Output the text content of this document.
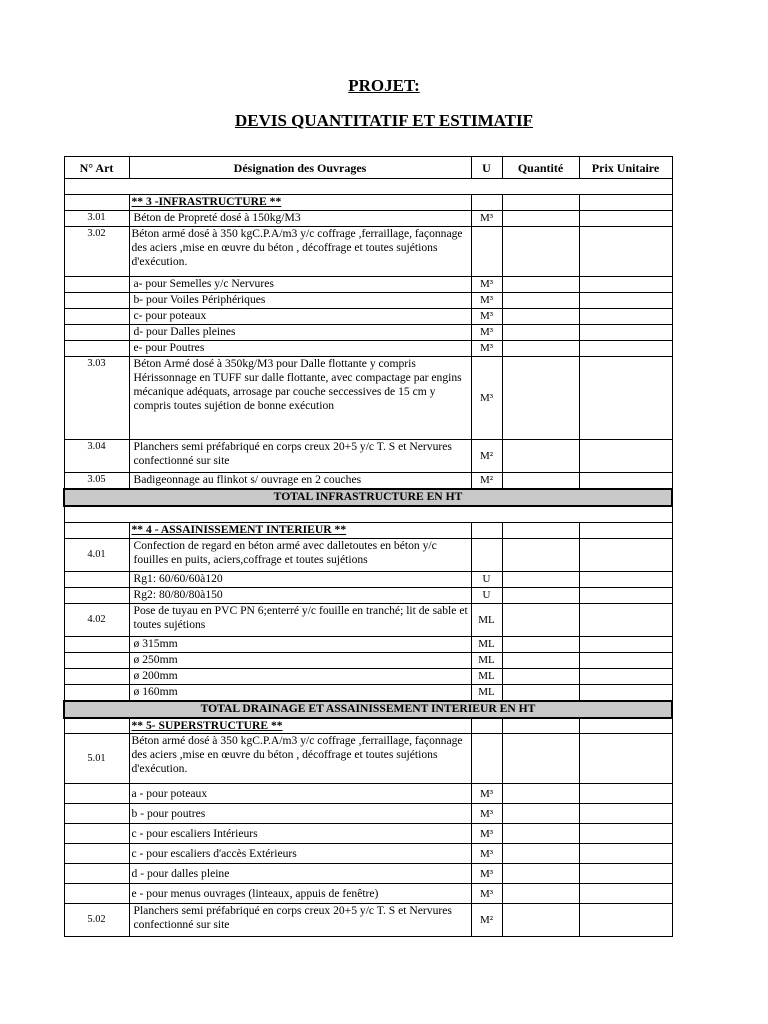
PROJET:
DEVIS QUANTITATIF ET ESTIMATIF
N° Art	Désignation des Ouvrages	U	Quantité	Prix Unitaire

	** 3 -INFRASTRUCTURE **			
3.01	Béton de Propreté dosé à 150kg/M3	M³		
3.02	Béton armé dosé à 350 kgC.P.A/m3 y/c coffrage ,ferraillage, façonnage des aciers ,mise en œuvre du béton , décoffrage et toutes sujétions d'exécution.			
	a- pour Semelles y/c Nervures	M³		
	b- pour Voiles Périphériques	M³		
	c- pour poteaux	M³		
	d- pour Dalles pleines	M³		
	e- pour Poutres	M³		
3.03	Béton Armé dosé à 350kg/M3 pour Dalle flottante y compris Hérissonnage en TUFF sur dalle flottante, avec compactage par engins mécanique adéquats, arrosage par couche seccessives de 15 cm y compris toutes sujétion de bonne exécution	M³		
3.04	Planchers semi préfabriqué en corps creux 20+5 y/c T. S et Nervures confectionné sur site	M²		
3.05	Badigeonnage au flinkot s/ ouvrage en 2 couches	M²		
TOTAL INFRASTRUCTURE EN HT				

	** 4 - ASSAINISSEMENT INTERIEUR **			
4.01	Confection de regard en béton armé avec dalletoutes en béton y/c fouilles en puits, aciers,coffrage et toutes sujétions			
	Rg1: 60/60/60à120	U		
	Rg2: 80/80/80à150	U		
4.02	Pose de tuyau en PVC PN 6;enterré y/c fouille en tranché; lit de sable et toutes sujétions	ML		
	ø 315mm	ML		
	ø 250mm	ML		
	ø 200mm	ML		
	ø 160mm	ML		
TOTAL DRAINAGE ET ASSAINISSEMENT INTERIEUR EN HT				
	** 5- SUPERSTRUCTURE **			
5.01	Béton armé dosé à 350 kgC.P.A/m3 y/c coffrage ,ferraillage, façonnage des aciers ,mise en œuvre du béton , décoffrage et toutes sujétions d'exécution.			
	a - pour poteaux	M³		
	b - pour poutres	M³		
	c - pour escaliers Intérieurs	M³		
	c - pour escaliers d'accès Extérieurs	M³		
	d - pour dalles pleine	M³		
	e - pour menus ouvrages (linteaux, appuis de fenêtre)	M³		
5.02	Planchers semi préfabriqué en corps creux 20+5 y/c T. S et Nervures confectionné sur site	M²		
